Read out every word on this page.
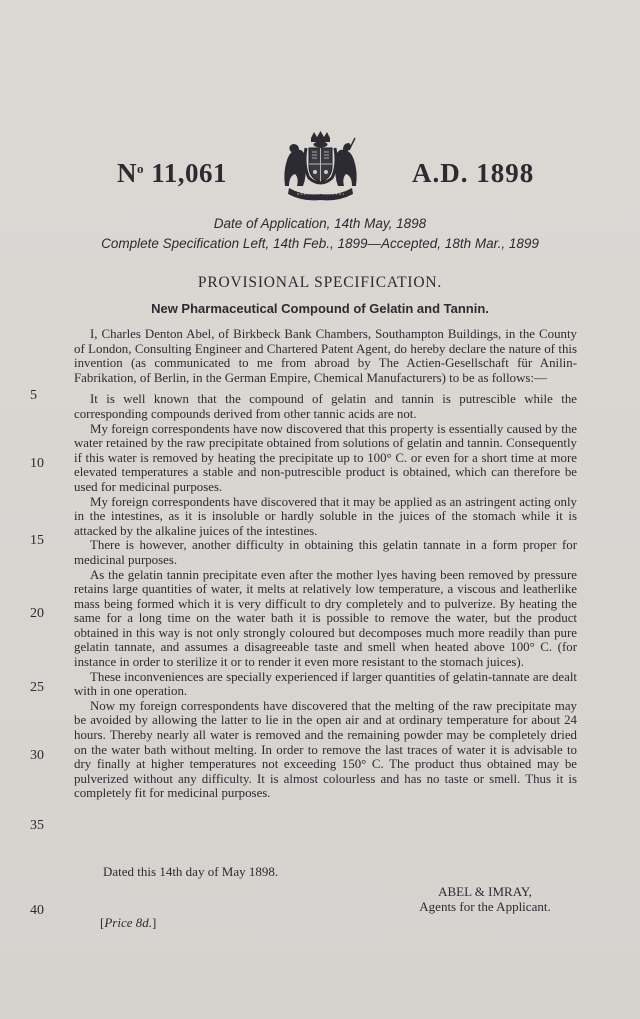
$N^o$ 11,061	A.D. 1898
Date of Application, 14th May, 1898
Complete Specification Left, 14th Feb., 1899—Accepted, 18th Mar., 1899
PROVISIONAL SPECIFICATION.
New Pharmaceutical Compound of Gelatin and Tannin.

I, Charles Denton Abel, of Birkbeck Bank Chambers, Southampton Buildings, in the County of London, Consulting Engineer and Chartered Patent Agent, do hereby declare the nature of this invention (as communicated to me from abroad by The Actien-Gesellschaft für Anilin-Fabrikation, of Berlin, in the German Empire, Chemical Manufacturers) to be as follows:—

It is well known that the compound of gelatin and tannin is putrescible while the corresponding compounds derived from other tannic acids are not.

My foreign correspondents have now discovered that this property is essentially caused by the water retained by the raw precipitate obtained from solutions of gelatin and tannin. Consequently if this water is removed by heating the precipitate up to 100° C. or even for a short time at more elevated temperatures a stable and non-putrescible product is obtained, which can therefore be used for medicinal purposes.

My foreign correspondents have discovered that it may be applied as an astringent acting only in the intestines, as it is insoluble or hardly soluble in the juices of the stomach while it is attacked by the alkaline juices of the intestines.

There is however, another difficulty in obtaining this gelatin tannate in a form proper for medicinal purposes.

As the gelatin tannin precipitate even after the mother lyes having been removed by pressure retains large quantities of water, it melts at relatively low temperature, a viscous and leatherlike mass being formed which it is very difficult to dry completely and to pulverize. By heating the same for a long time on the water bath it is possible to remove the water, but the product obtained in this way is not only strongly coloured but decomposes much more readily than pure gelatin tannate, and assumes a disagreeable taste and smell when heated above 100° C. (for instance in order to sterilize it or to render it even more resistant to the stomach juices).

These inconveniences are specially experienced if larger quantities of gelatin-tannate are dealt with in one operation.

Now my foreign correspondents have discovered that the melting of the raw precipitate may be avoided by allowing the latter to lie in the open air and at ordinary temperature for about 24 hours. Thereby nearly all water is removed and the remaining powder may be completely dried on the water bath without melting. In order to remove the last traces of water it is advisable to dry finally at higher temperatures not exceeding 150° C. The product thus obtained may be pulverized without any difficulty. It is almost colourless and has no taste or smell. Thus it is completely fit for medicinal purposes.

5
10
15
20
25
30
35
40
Dated this 14th day of May 1898.
ABEL & IMRAY,
Agents for the Applicant.
[Price 8d.]
